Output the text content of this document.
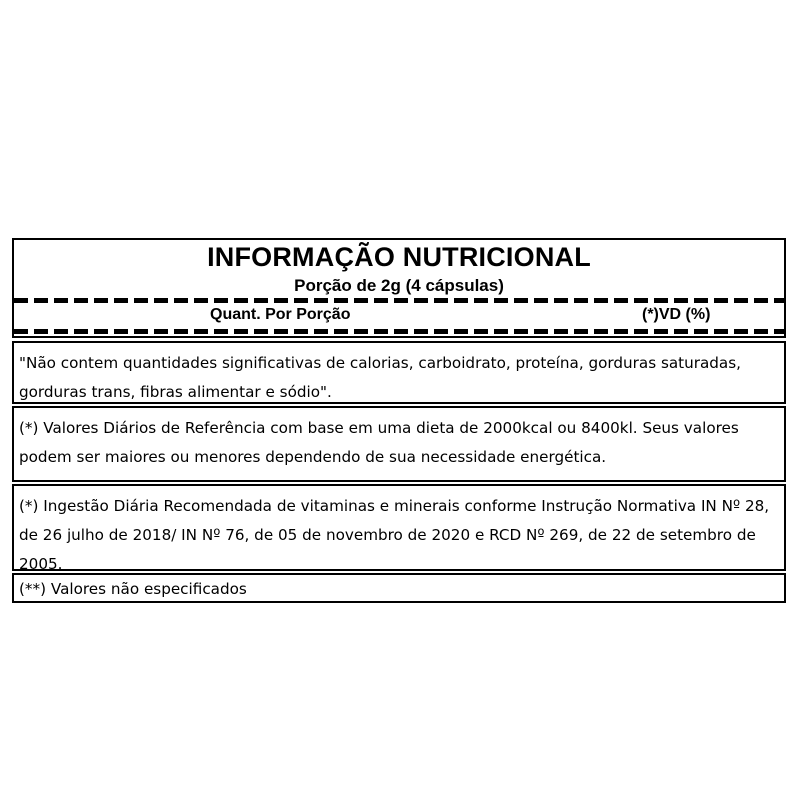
INFORMAÇÃO NUTRICIONAL
Porção de 2g (4 cápsulas)
Quant. Por Porção	(*)VD (%)

"Não contem quantidades significativas de calorias, carboidrato, proteína, gorduras saturadas, gorduras trans, fibras alimentar e sódio".

(*) Valores Diários de Referência com base em uma dieta de 2000kcal ou 8400kl. Seus valores podem ser maiores ou menores dependendo de sua necessidade energética.

(*) Ingestão Diária Recomendada de vitaminas e minerais conforme Instrução Normativa IN Nº 28, de 26 julho de 2018/ IN Nº 76, de 05 de novembro de 2020 e RCD Nº 269, de 22 de setembro de 2005.

(**) Valores não especificados
